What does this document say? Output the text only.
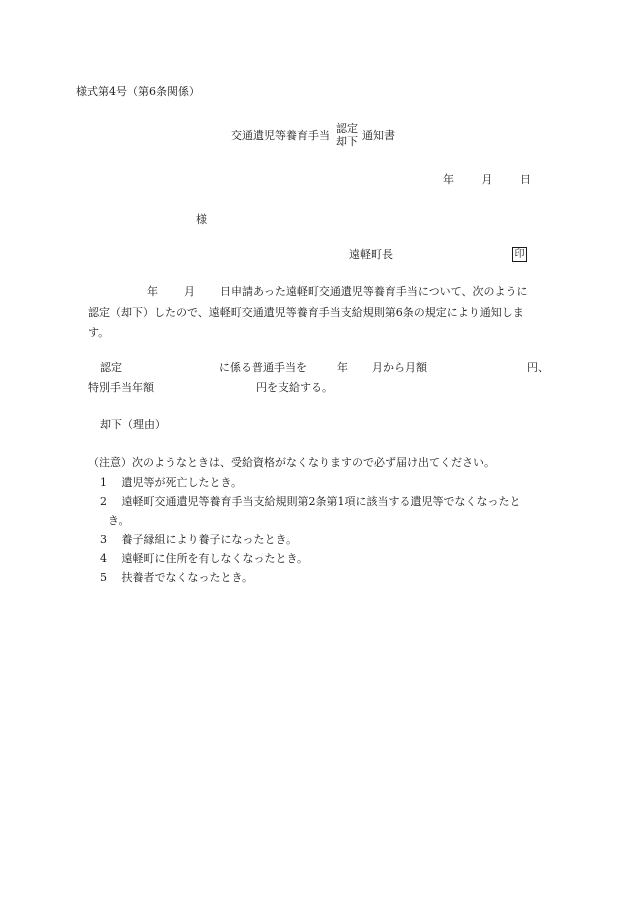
様式第4号（第6条関係）
交通遺児等養育手当
認定
却下 通知書
年	月	日
様
遠軽町長	印
年 月 日申請あった遠軽町交通遺児等養育手当について、次のように
認定（却下）したので、遠軽町交通遺児等養育手当支給規則第6条の規定により通知しま
す。
認定	に係る普通手当を	年 月から月額	円、
特別手当年額	円を支給する。
却下（理由）
（注意）次のようなときは、受給資格がなくなりますので必ず届け出てください。
1 遺児等が死亡したとき。
2 遠軽町交通遺児等養育手当支給規則第2条第1項に該当する遺児等でなくなったと
き。
3 養子縁組により養子になったとき。
4 遠軽町に住所を有しなくなったとき。
5 扶養者でなくなったとき。
